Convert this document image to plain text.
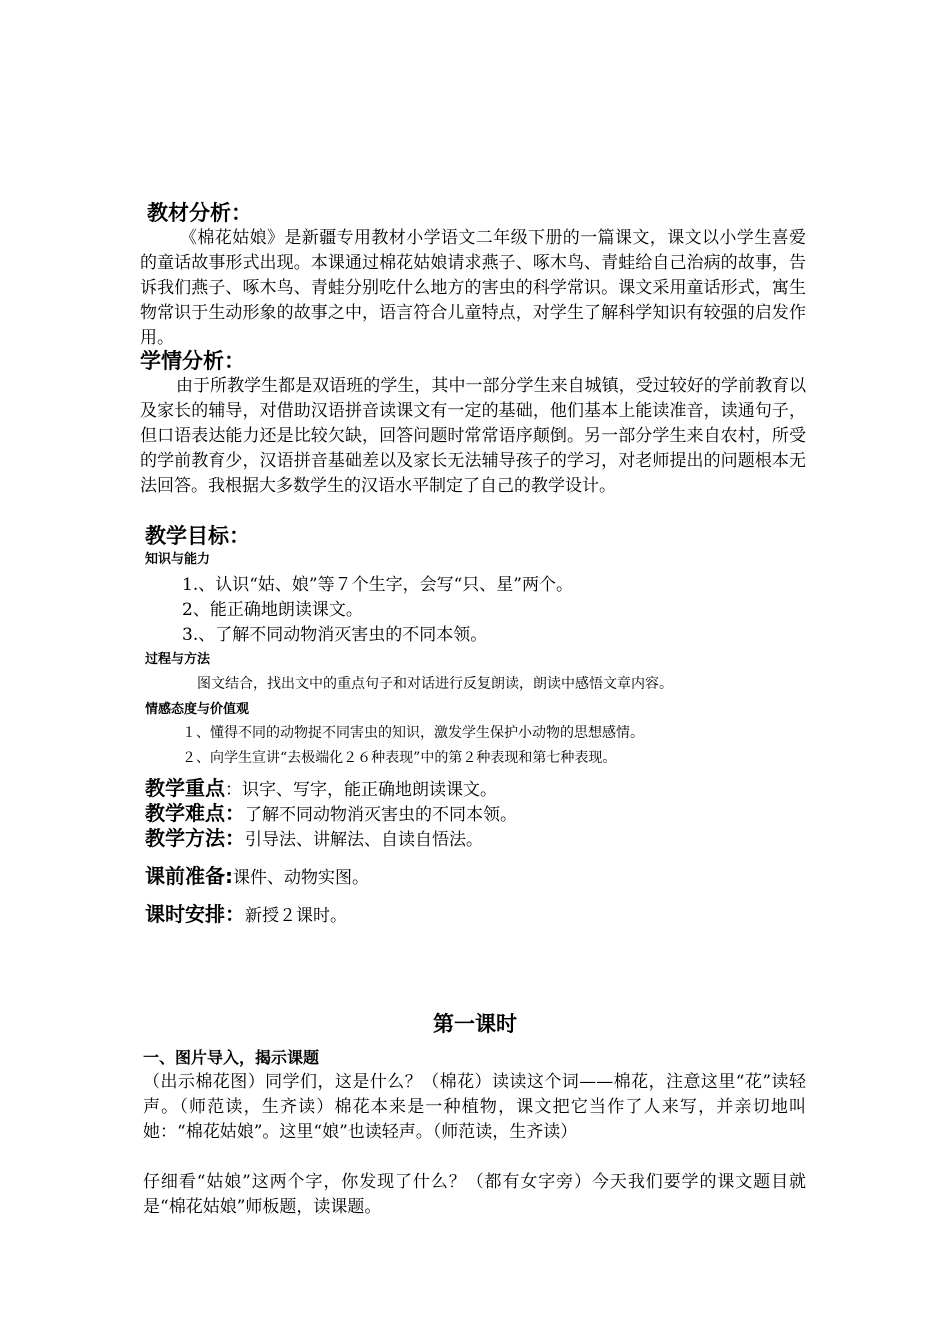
教材分析：

《棉花姑娘》是新疆专用教材小学语文二年级下册的一篇课文，课文以小学生喜爱的童话故事形式出现。本课通过棉花姑娘请求燕子、啄木鸟、青蛙给自己治病的故事，告诉我们燕子、啄木鸟、青蛙分别吃什么地方的害虫的科学常识。课文采用童话形式，寓生物常识于生动形象的故事之中，语言符合儿童特点，对学生了解科学知识有较强的启发作用。

学情分析：

由于所教学生都是双语班的学生，其中一部分学生来自城镇，受过较好的学前教育以及家长的辅导，对借助汉语拼音读课文有一定的基础，他们基本上能读准音，读通句子，但口语表达能力还是比较欠缺，回答问题时常常语序颠倒。另一部分学生来自农村，所受的学前教育少，汉语拼音基础差以及家长无法辅导孩子的学习，对老师提出的问题根本无法回答。我根据大多数学生的汉语水平制定了自己的教学设计。

教学目标：
知识与能力
1.、认识“姑、娘”等７个生字，会写“只、星”两个。
2、能正确地朗读课文。
3.、了解不同动物消灭害虫的不同本领。
过程与方法
图文结合，找出文中的重点句子和对话进行反复朗读，朗读中感悟文章内容。
情感态度与价值观
１、懂得不同的动物捉不同害虫的知识，激发学生保护小动物的思想感情。
２、向学生宣讲“去极端化２６种表现”中的第２种表现和第七种表现。
教学重点：识字、写字，能正确地朗读课文。
教学难点：了解不同动物消灭害虫的不同本领。
教学方法：引导法、讲解法、自读自悟法。
课前准备:课件、动物实图。
课时安排：新授２课时。
第一课时
一、图片导入，揭示课题

（出示棉花图）同学们，这是什么？（棉花）读读这个词——棉花，注意这里“花”读轻声。（师范读，生齐读）棉花本来是一种植物，课文把它当作了人来写，并亲切地叫她：“棉花姑娘”。这里“娘”也读轻声。（师范读，生齐读）

仔细看“姑娘”这两个字，你发现了什么？（都有女字旁）今天我们要学的课文题目就是“棉花姑娘”师板题，读课题。
